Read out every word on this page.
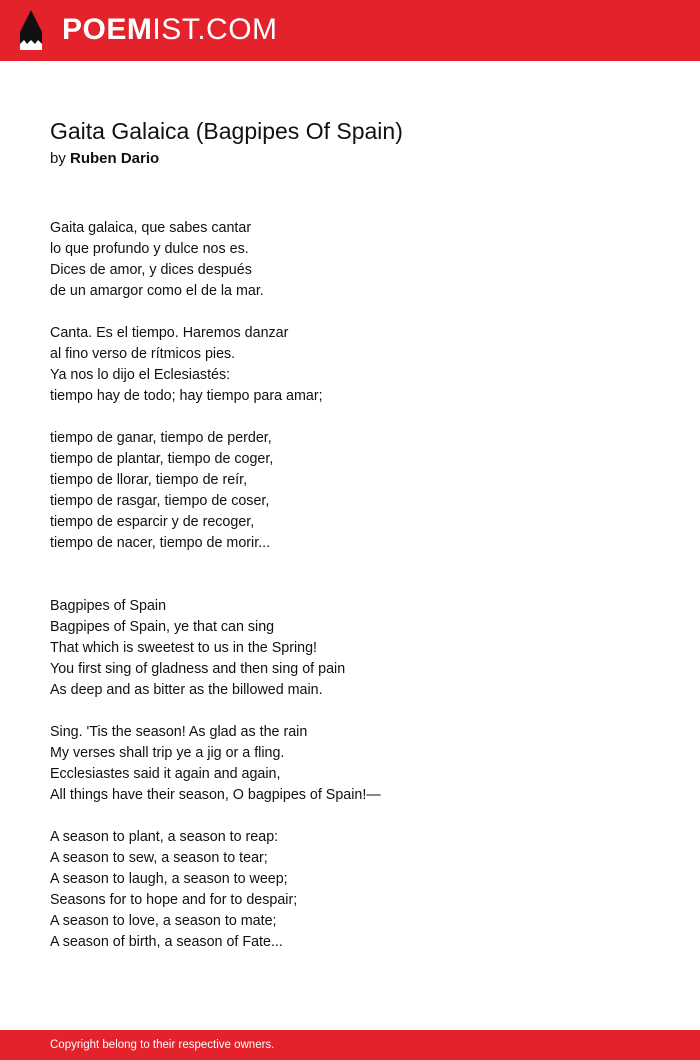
POEMIST.COM
Gaita Galaica (Bagpipes Of Spain)
by Ruben Dario
Gaita galaica, que sabes cantar
lo que profundo y dulce nos es.
Dices de amor, y dices después
de un amargor como el de la mar.
Canta. Es el tiempo. Haremos danzar
al fino verso de rítmicos pies.
Ya nos lo dijo el Eclesiastés:
tiempo hay de todo; hay tiempo para amar;
tiempo de ganar, tiempo de perder,
tiempo de plantar, tiempo de coger,
tiempo de llorar, tiempo de reír,
tiempo de rasgar, tiempo de coser,
tiempo de esparcir y de recoger,
tiempo de nacer, tiempo de morir...
Bagpipes of Spain
Bagpipes of Spain, ye that can sing
That which is sweetest to us in the Spring!
You first sing of gladness and then sing of pain
As deep and as bitter as the billowed main.
Sing. 'Tis the season! As glad as the rain
My verses shall trip ye a jig or a fling.
Ecclesiastes said it again and again,
All things have their season, O bagpipes of Spain!—
A season to plant, a season to reap:
A season to sew, a season to tear;
A season to laugh, a season to weep;
Seasons for to hope and for to despair;
A season to love, a season to mate;
A season of birth, a season of Fate...
Copyright belong to their respective owners.
